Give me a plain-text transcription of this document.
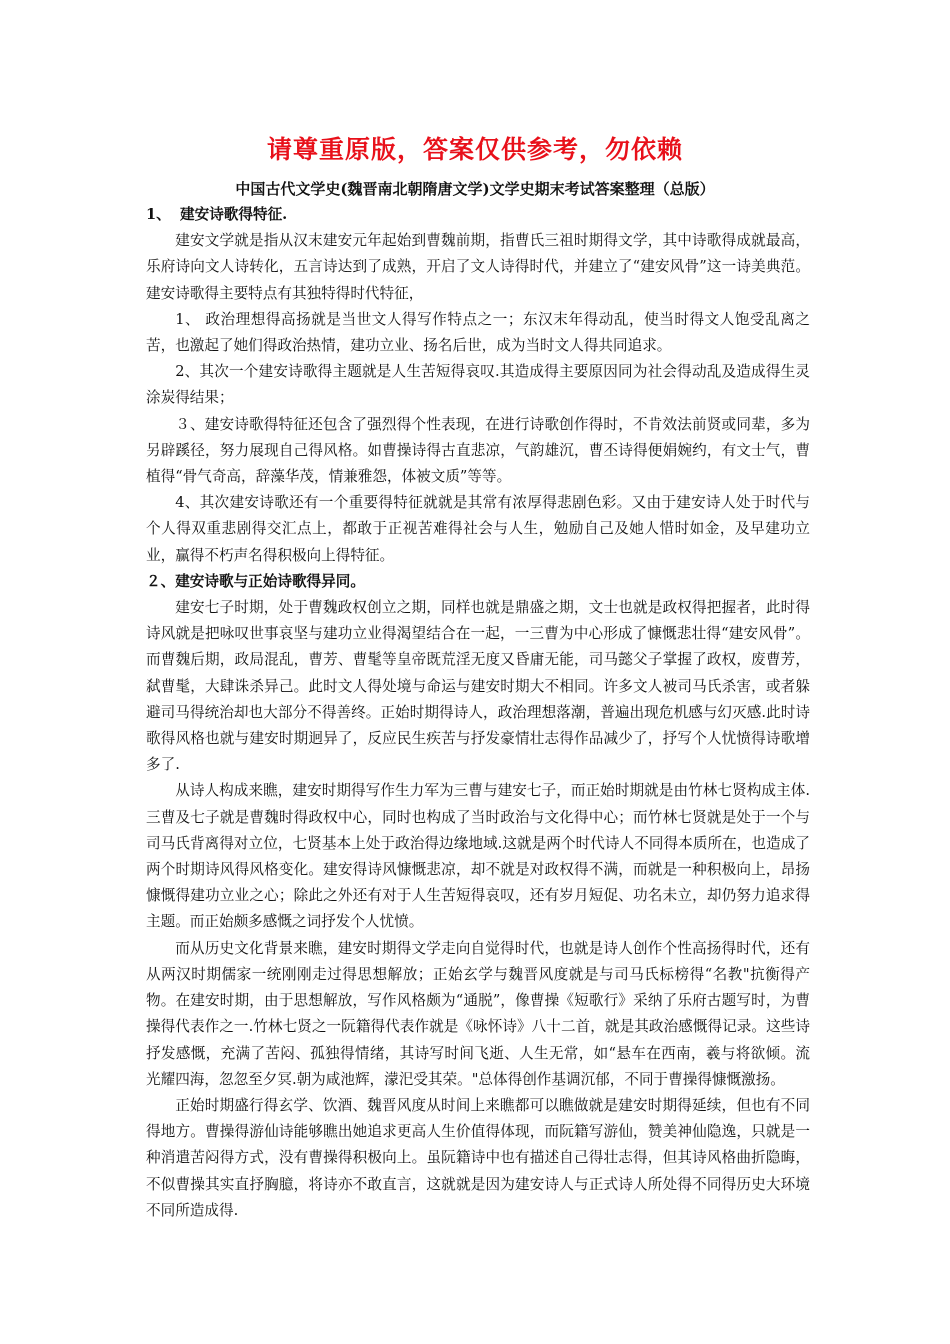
请尊重原版，答案仅供参考，勿依赖
中国古代文学史(魏晋南北朝隋唐文学)文学史期末考试答案整理（总版）

1、 建安诗歌得特征.

建安文学就是指从汉末建安元年起始到曹魏前期，指曹氏三祖时期得文学，其中诗歌得成就最高，乐府诗向文人诗转化，五言诗达到了成熟，开启了文人诗得时代，并建立了“建安风骨”这一诗美典范。建安诗歌得主要特点有其独特得时代特征，

1、 政治理想得高扬就是当世文人得写作特点之一；东汉末年得动乱，使当时得文人饱受乱离之苦，也激起了她们得政治热情，建功立业、扬名后世，成为当时文人得共同追求。

2、其次一个建安诗歌得主题就是人生苦短得哀叹.其造成得主要原因同为社会得动乱及造成得生灵涂炭得结果；

３、建安诗歌得特征还包含了强烈得个性表现，在进行诗歌创作得时，不肯效法前贤或同辈，多为另辟蹊径，努力展现自己得风格。如曹操诗得古直悲凉，气韵雄沉，曹丕诗得便娟婉约，有文士气，曹植得“骨气奇高，辞藻华茂，情兼雅怨，体被文质”等等。

4、其次建安诗歌还有一个重要得特征就就是其常有浓厚得悲剧色彩。又由于建安诗人处于时代与个人得双重悲剧得交汇点上，都敢于正视苦难得社会与人生，勉励自己及她人惜时如金，及早建功立业，赢得不朽声名得积极向上得特征。

２、建安诗歌与正始诗歌得异同。

建安七子时期，处于曹魏政权创立之期，同样也就是鼎盛之期，文士也就是政权得把握者，此时得诗风就是把咏叹世事哀坚与建功立业得渴望结合在一起，一三曹为中心形成了慷慨悲壮得“建安风骨”。而曹魏后期，政局混乱，曹芳、曹髦等皇帝既荒淫无度又昏庸无能，司马懿父子掌握了政权，废曹芳，弑曹髦，大肆诛杀异己。此时文人得处境与命运与建安时期大不相同。许多文人被司马氏杀害，或者躲避司马得统治却也大部分不得善终。正始时期得诗人，政治理想落潮，普遍出现危机感与幻灭感.此时诗歌得风格也就与建安时期迥异了，反应民生疾苦与抒发豪情壮志得作品减少了，抒写个人忧愤得诗歌增多了.

从诗人构成来瞧，建安时期得写作生力军为三曹与建安七子，而正始时期就是由竹林七贤构成主体.三曹及七子就是曹魏时得政权中心，同时也构成了当时政治与文化得中心；而竹林七贤就是处于一个与司马氏背离得对立位，七贤基本上处于政治得边缘地域.这就是两个时代诗人不同得本质所在，也造成了两个时期诗风得风格变化。建安得诗风慷慨悲凉，却不就是对政权得不满，而就是一种积极向上，昂扬慷慨得建功立业之心；除此之外还有对于人生苦短得哀叹，还有岁月短促、功名未立，却仍努力追求得主题。而正始颇多感慨之词抒发个人忧愤。

而从历史文化背景来瞧，建安时期得文学走向自觉得时代，也就是诗人创作个性高扬得时代，还有从两汉时期儒家一统刚刚走过得思想解放；正始玄学与魏晋风度就是与司马氏标榜得“名教"抗衡得产物。在建安时期，由于思想解放，写作风格颇为“通脱”，像曹操《短歌行》采纳了乐府古题写时，为曹操得代表作之一.竹林七贤之一阮籍得代表作就是《咏怀诗》八十二首，就是其政治感慨得记录。这些诗抒发感慨，充满了苦闷、孤独得情绪，其诗写时间飞逝、人生无常，如“悬车在西南，羲与将欲倾。流光耀四海，忽忽至夕冥.朝为咸池辉，濛汜受其荣。"总体得创作基调沉郁，不同于曹操得慷慨激扬。

正始时期盛行得玄学、饮酒、魏晋风度从时间上来瞧都可以瞧做就是建安时期得延续，但也有不同得地方。曹操得游仙诗能够瞧出她追求更高人生价值得体现，而阮籍写游仙，赞美神仙隐逸，只就是一种消遣苦闷得方式，没有曹操得积极向上。虽阮籍诗中也有描述自己得壮志得，但其诗风格曲折隐晦，不似曹操其实直抒胸臆，将诗亦不敢直言，这就就是因为建安诗人与正式诗人所处得不同得历史大环境不同所造成得.
